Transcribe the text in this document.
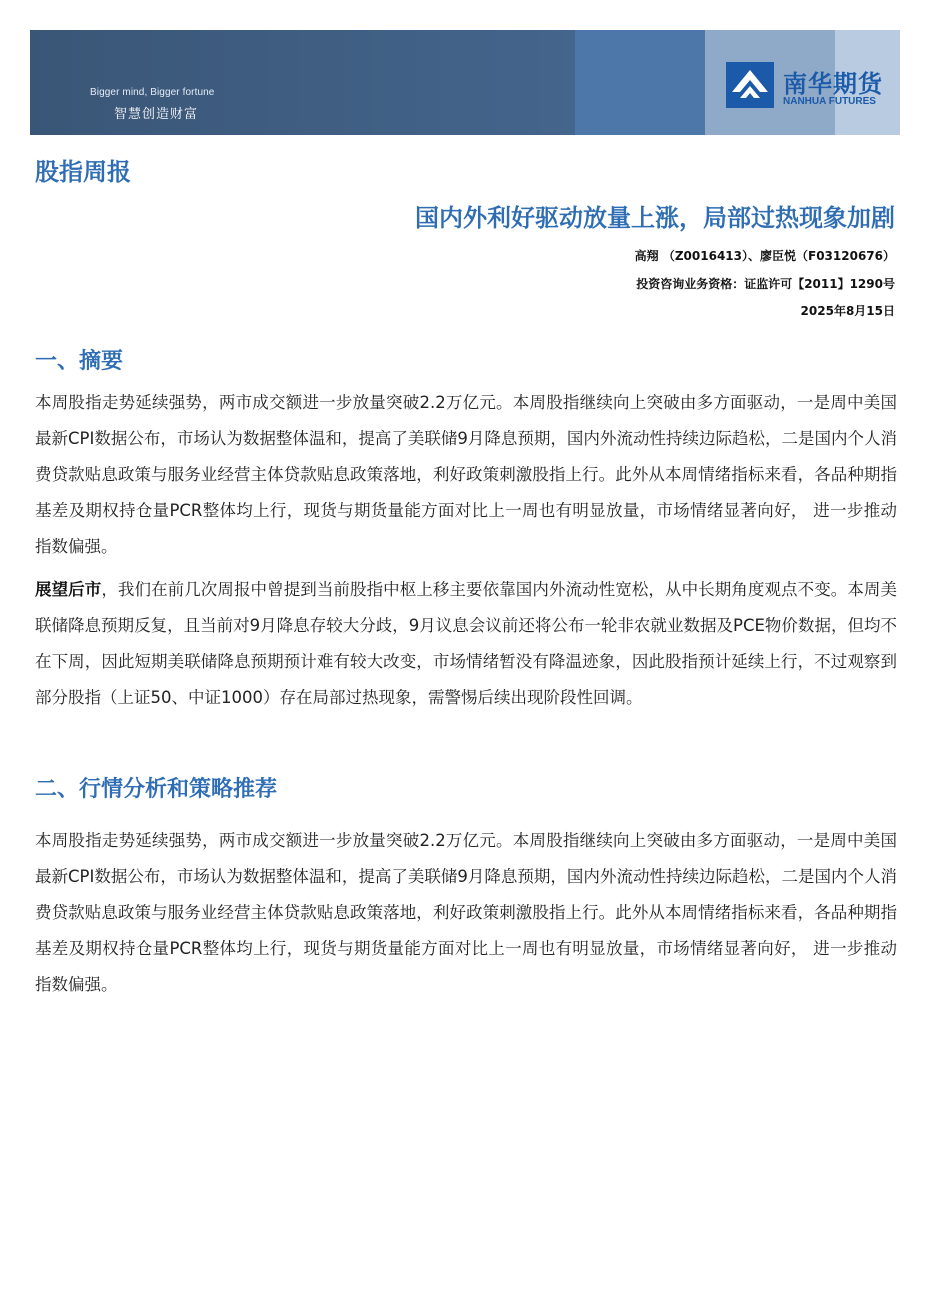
Bigger mind, Bigger fortune
智慧创造财富
南华期货
NANHUA FUTURES
股指周报
国内外利好驱动放量上涨，局部过热现象加剧
高翔 （Z0016413）、廖臣悦（F03120676）
投资咨询业务资格：证监许可【2011】1290号
2025年8月15日
一、摘要
本周股指走势延续强势，两市成交额进一步放量突破2.2万亿元。本周股指继续向上突破由多方面驱动，一是周中美国最新CPI数据公布，市场认为数据整体温和，提高了美联储9月降息预期，国内外流动性持续边际趋松，二是国内个人消费贷款贴息政策与服务业经营主体贷款贴息政策落地，利好政策刺激股指上行。此外从本周情绪指标来看，各品种期指基差及期权持仓量PCR整体均上行，现货与期货量能方面对比上一周也有明显放量，市场情绪显著向好， 进一步推动指数偏强。
展望后市，我们在前几次周报中曾提到当前股指中枢上移主要依靠国内外流动性宽松，从中长期角度观点不变。本周美联储降息预期反复，且当前对9月降息存较大分歧，9月议息会议前还将公布一轮非农就业数据及PCE物价数据，但均不在下周，因此短期美联储降息预期预计难有较大改变，市场情绪暂没有降温迹象，因此股指预计延续上行，不过观察到部分股指（上证50、中证1000）存在局部过热现象，需警惕后续出现阶段性回调。
二、行情分析和策略推荐
本周股指走势延续强势，两市成交额进一步放量突破2.2万亿元。本周股指继续向上突破由多方面驱动，一是周中美国最新CPI数据公布，市场认为数据整体温和，提高了美联储9月降息预期，国内外流动性持续边际趋松，二是国内个人消费贷款贴息政策与服务业经营主体贷款贴息政策落地，利好政策刺激股指上行。此外从本周情绪指标来看，各品种期指基差及期权持仓量PCR整体均上行，现货与期货量能方面对比上一周也有明显放量，市场情绪显著向好， 进一步推动指数偏强。
